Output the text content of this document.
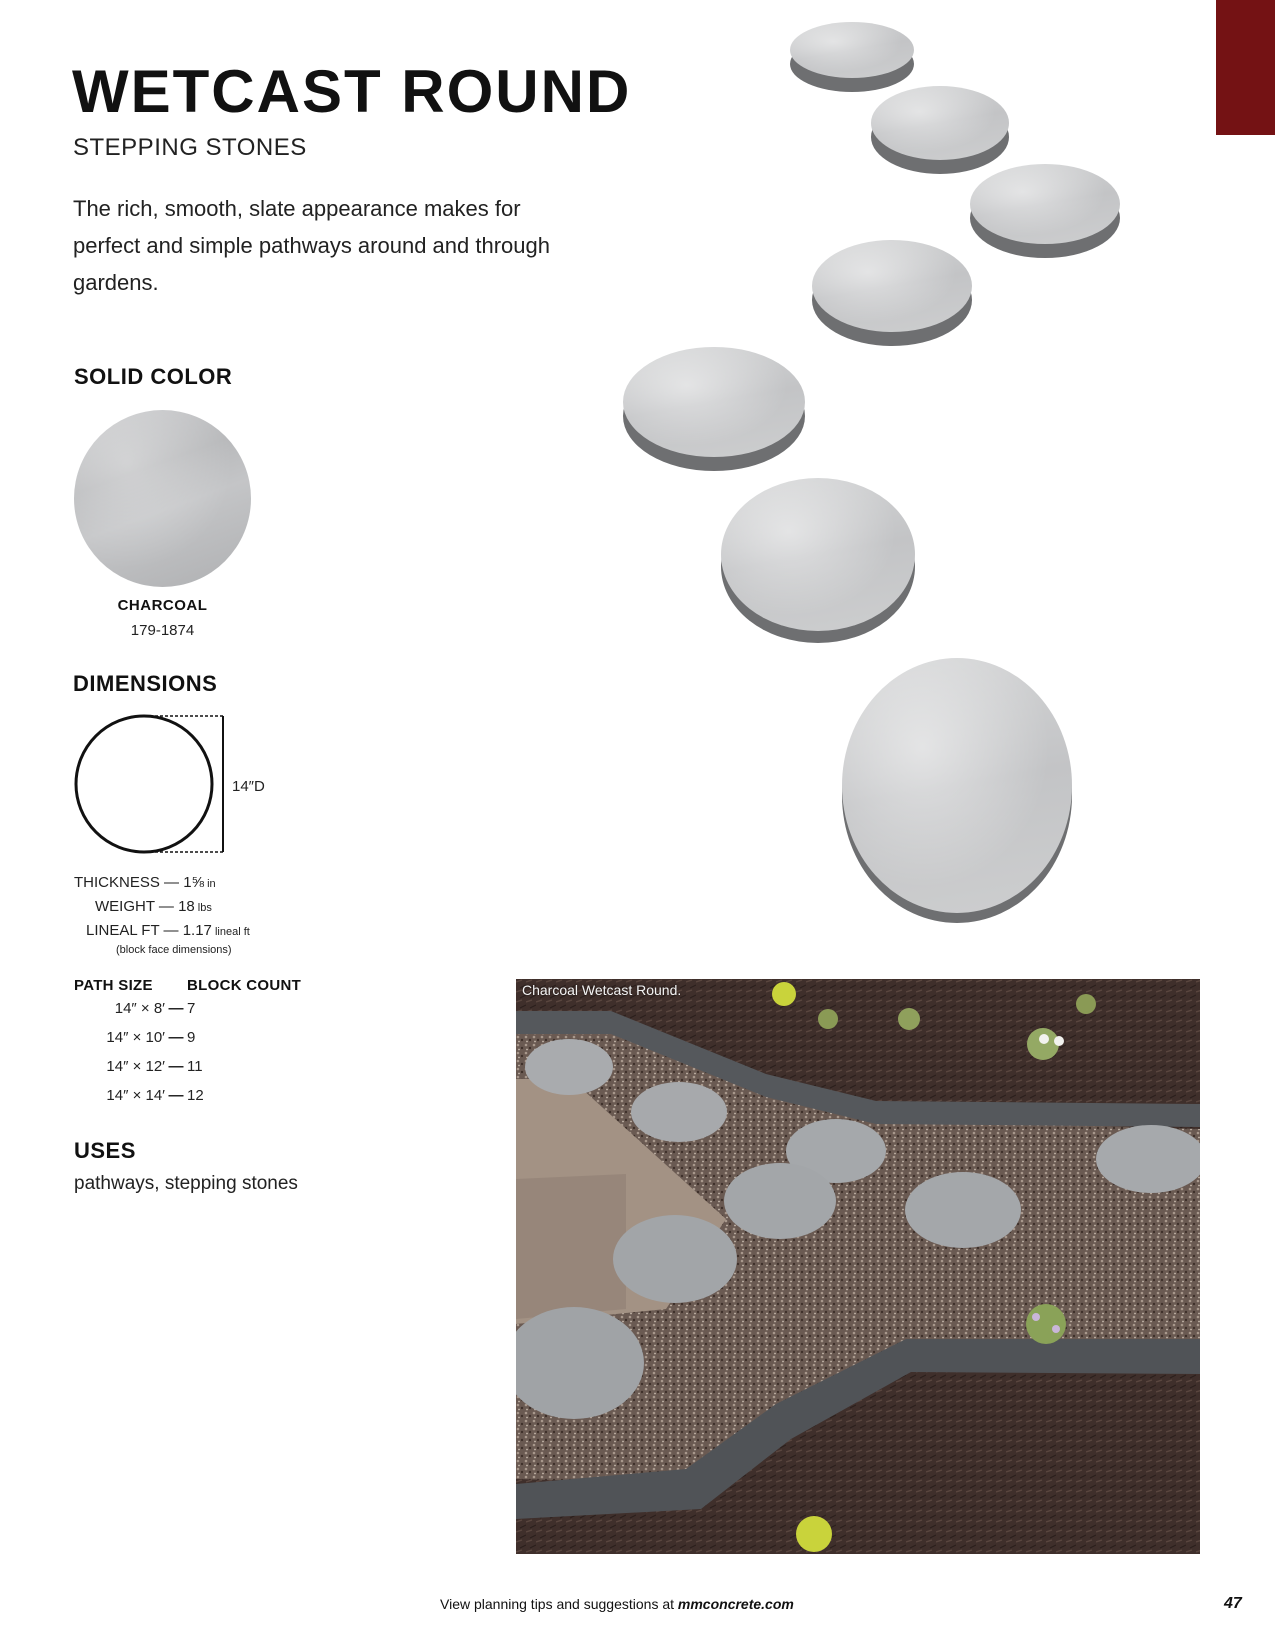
WETCAST ROUND
STEPPING STONES
The rich, smooth, slate appearance makes for perfect and simple pathways around and through gardens.
SOLID COLOR
CHARCOAL
179-1874
DIMENSIONS
14″D
THICKNESS — 1⅝ in
WEIGHT — 18 lbs
LINEAL FT — 1.17 lineal ft
(block face dimensions)
PATH SIZE BLOCK COUNT
14″ × 8′ — 7
14″ × 10′ — 9
14″ × 12′ — 11
14″ × 14′ — 12
USES
pathways, stepping stones
Charcoal Wetcast Round.
View planning tips and suggestions at mmconcrete.com	47
